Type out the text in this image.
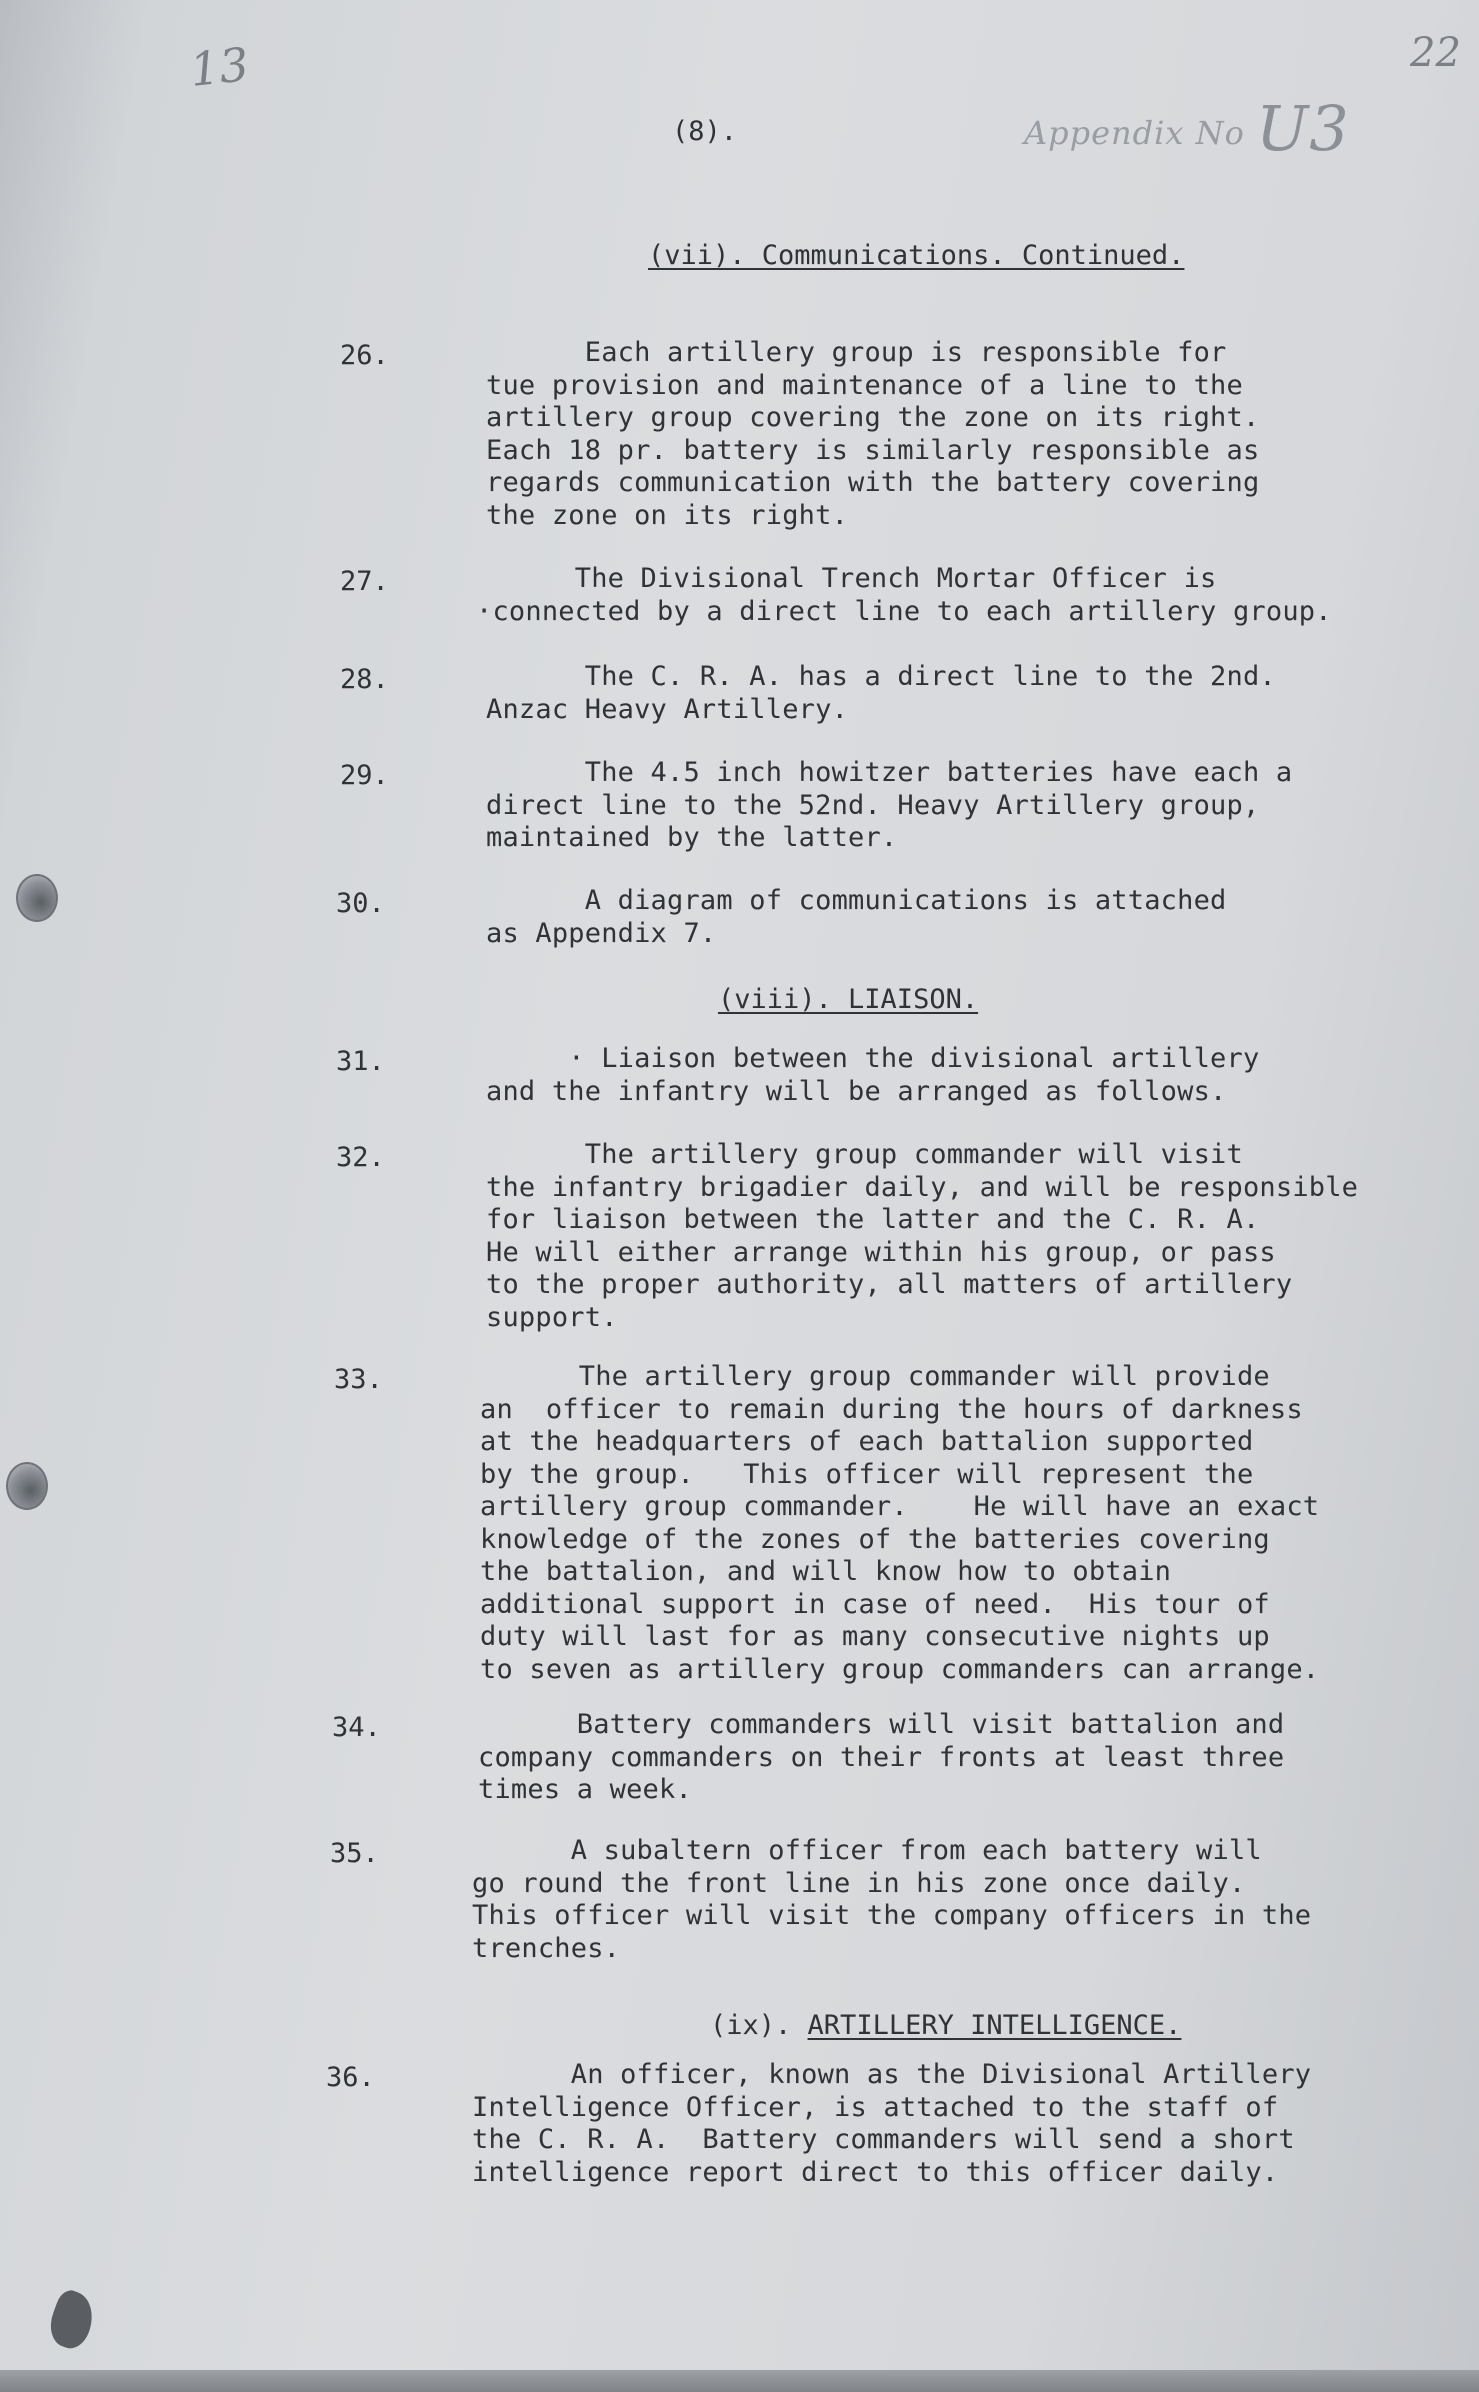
13	22
(8).	Appendix No U3
(vii). Communications. Continued.
26.	Each artillery group is responsible for
tue provision and maintenance of a line to the
artillery group covering the zone on its right.
Each 18 pr. battery is similarly responsible as
regards communication with the battery covering
the zone on its right.
27.	The Divisional Trench Mortar Officer is
·connected by a direct line to each artillery group.
28.	The C. R. A. has a direct line to the 2nd.
Anzac Heavy Artillery.
29.	The 4.5 inch howitzer batteries have each a
direct line to the 52nd. Heavy Artillery group,
maintained by the latter.
30.	A diagram of communications is attached
as Appendix 7.
(viii). LIAISON.
31.	· Liaison between the divisional artillery
and the infantry will be arranged as follows.
32.	The artillery group commander will visit
the infantry brigadier daily, and will be responsible
for liaison between the latter and the C. R. A.
He will either arrange within his group, or pass
to the proper authority, all matters of artillery
support.
33.	The artillery group commander will provide
an  officer to remain during the hours of darkness
at the headquarters of each battalion supported
by the group.   This officer will represent the
artillery group commander.    He will have an exact
knowledge of the zones of the batteries covering
the battalion, and will know how to obtain
additional support in case of need.  His tour of
duty will last for as many consecutive nights up
to seven as artillery group commanders can arrange.
34.	Battery commanders will visit battalion and
company commanders on their fronts at least three
times a week.
35.	A subaltern officer from each battery will
go round the front line in his zone once daily.
This officer will visit the company officers in the
trenches.
(ix). ARTILLERY INTELLIGENCE.
36.	An officer, known as the Divisional Artillery
Intelligence Officer, is attached to the staff of
the C. R. A.  Battery commanders will send a short
intelligence report direct to this officer daily.
